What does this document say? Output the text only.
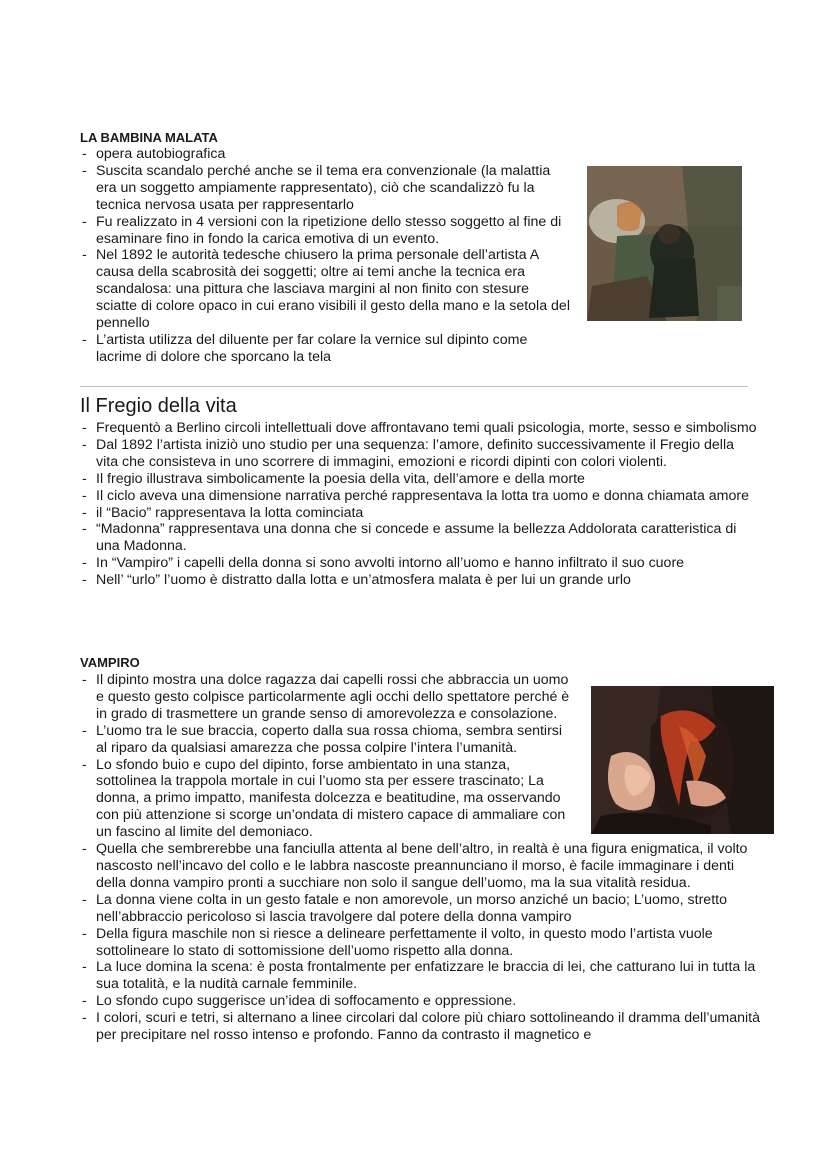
LA BAMBINA MALATA

- opera autobiografica
- Suscita scandalo perché anche se il tema era convenzionale (la malattia era un soggetto ampiamente rappresentato), ciò che scandalizzò fu la tecnica nervosa usata per rappresentarlo
- Fu realizzato in 4 versioni con la ripetizione dello stesso soggetto al fine di esaminare fino in fondo la carica emotiva di un evento.
- Nel 1892 le autorità tedesche chiusero la prima personale dell’artista A causa della scabrosità dei soggetti; oltre ai temi anche la tecnica era scandalosa: una pittura che lasciava margini al non finito con stesure sciatte di colore opaco in cui erano visibili il gesto della mano e la setola del pennello
- L’artista utilizza del diluente per far colare la vernice sul dipinto come lacrime di dolore che sporcano la tela
Il Fregio della vita
- Frequentò a Berlino circoli intellettuali dove affrontavano temi quali psicologia, morte, sesso e simbolismo
- Dal 1892 l’artista iniziò uno studio per una sequenza: l’amore, definito successivamente il Fregio della vita che consisteva in uno scorrere di immagini, emozioni e ricordi dipinti con colori violenti.
- Il fregio illustrava simbolicamente la poesia della vita, dell’amore e della morte
- Il ciclo aveva una dimensione narrativa perché rappresentava la lotta tra uomo e donna chiamata amore
- il “Bacio” rappresentava la lotta cominciata
- “Madonna” rappresentava una donna che si concede e assume la bellezza Addolorata caratteristica di una Madonna.
- In “Vampiro” i capelli della donna si sono avvolti intorno all’uomo e hanno infiltrato il suo cuore
- Nell’ “urlo” l’uomo è distratto dalla lotta e un’atmosfera malata è per lui un grande urlo

VAMPIRO

- Il dipinto mostra una dolce ragazza dai capelli rossi che abbraccia un uomo e questo gesto colpisce particolarmente agli occhi dello spettatore perché è in grado di trasmettere un grande senso di amorevolezza e consolazione.
- L’uomo tra le sue braccia, coperto dalla sua rossa chioma, sembra sentirsi al riparo da qualsiasi amarezza che possa colpire l’intera l’umanità.
- Lo sfondo buio e cupo del dipinto, forse ambientato in una stanza, sottolinea la trappola mortale in cui l’uomo sta per essere trascinato; La donna, a primo impatto, manifesta dolcezza e beatitudine, ma osservando con più attenzione si scorge un’ondata di mistero capace di ammaliare con un fascino al limite del demoniaco.
- Quella che sembrerebbe una fanciulla attenta al bene dell’altro, in realtà è una figura enigmatica, il volto nascosto nell’incavo del collo e le labbra nascoste preannunciano il morso, è facile immaginare i denti della donna vampiro pronti a succhiare non solo il sangue dell’uomo, ma la sua vitalità residua.
- La donna viene colta in un gesto fatale e non amorevole, un morso anziché un bacio; L’uomo, stretto nell’abbraccio pericoloso si lascia travolgere dal potere della donna vampiro
- Della figura maschile non si riesce a delineare perfettamente il volto, in questo modo l’artista vuole sottolineare lo stato di sottomissione dell’uomo rispetto alla donna.
- La luce domina la scena: è posta frontalmente per enfatizzare le braccia di lei, che catturano lui in tutta la sua totalità, e la nudità carnale femminile.
- Lo sfondo cupo suggerisce un’idea di soffocamento e oppressione.
- I colori, scuri e tetri, si alternano a linee circolari dal colore più chiaro sottolineando il dramma dell’umanità per precipitare nel rosso intenso e profondo. Fanno da contrasto il magnetico e
